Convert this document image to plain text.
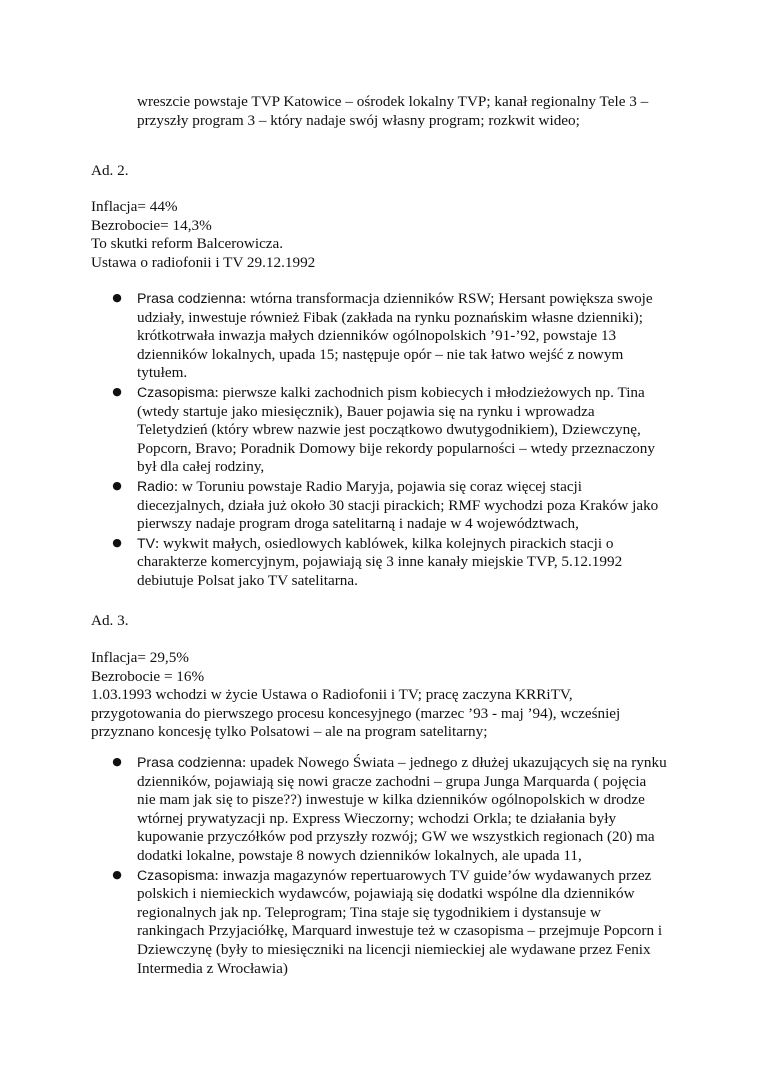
wreszcie powstaje TVP Katowice – ośrodek lokalny TVP; kanał regionalny Tele 3 –
przyszły program 3 – który nadaje swój własny program; rozkwit wideo;
Ad. 2.
Inflacja= 44%
Bezrobocie= 14,3%
To skutki reform Balcerowicza.
Ustawa o radiofonii i TV 29.12.1992
● Prasa codzienna: wtórna transformacja dzienników RSW; Hersant powiększa swoje
udziały, inwestuje również Fibak (zakłada na rynku poznańskim własne dzienniki);
krótkotrwała inwazja małych dzienników ogólnopolskich ’91-’92, powstaje 13
dzienników lokalnych, upada 15; następuje opór – nie tak łatwo wejść z nowym
tytułem.
● Czasopisma: pierwsze kalki zachodnich pism kobiecych i młodzieżowych np. Tina
(wtedy startuje jako miesięcznik), Bauer pojawia się na rynku i wprowadza
Teletydzień (który wbrew nazwie jest początkowo dwutygodnikiem), Dziewczynę,
Popcorn, Bravo; Poradnik Domowy bije rekordy popularności – wtedy przeznaczony
był dla całej rodziny,
● Radio: w Toruniu powstaje Radio Maryja, pojawia się coraz więcej stacji
diecezjalnych, działa już około 30 stacji pirackich; RMF wychodzi poza Kraków jako
pierwszy nadaje program droga satelitarną i nadaje w 4 województwach,
● TV: wykwit małych, osiedlowych kablówek, kilka kolejnych pirackich stacji o
charakterze komercyjnym, pojawiają się 3 inne kanały miejskie TVP, 5.12.1992
debiutuje Polsat jako TV satelitarna.
Ad. 3.
Inflacja= 29,5%
Bezrobocie = 16%
1.03.1993 wchodzi w życie Ustawa o Radiofonii i TV; pracę zaczyna KRRiTV,
przygotowania do pierwszego procesu koncesyjnego (marzec ’93 - maj ’94), wcześniej
przyznano koncesję tylko Polsatowi – ale na program satelitarny;
● Prasa codzienna: upadek Nowego Świata – jednego z dłużej ukazujących się na rynku
dzienników, pojawiają się nowi gracze zachodni – grupa Junga Marquarda ( pojęcia
nie mam jak się to pisze??) inwestuje w kilka dzienników ogólnopolskich w drodze
wtórnej prywatyzacji np. Express Wieczorny; wchodzi Orkla; te działania były
kupowanie przyczółków pod przyszły rozwój; GW we wszystkich regionach (20) ma
dodatki lokalne, powstaje 8 nowych dzienników lokalnych, ale upada 11,
● Czasopisma: inwazja magazynów repertuarowych TV guide’ów wydawanych przez
polskich i niemieckich wydawców, pojawiają się dodatki wspólne dla dzienników
regionalnych jak np. Teleprogram; Tina staje się tygodnikiem i dystansuje w
rankingach Przyjaciółkę, Marquard inwestuje też w czasopisma – przejmuje Popcorn i
Dziewczynę (były to miesięczniki na licencji niemieckiej ale wydawane przez Fenix
Intermedia z Wrocławia)
